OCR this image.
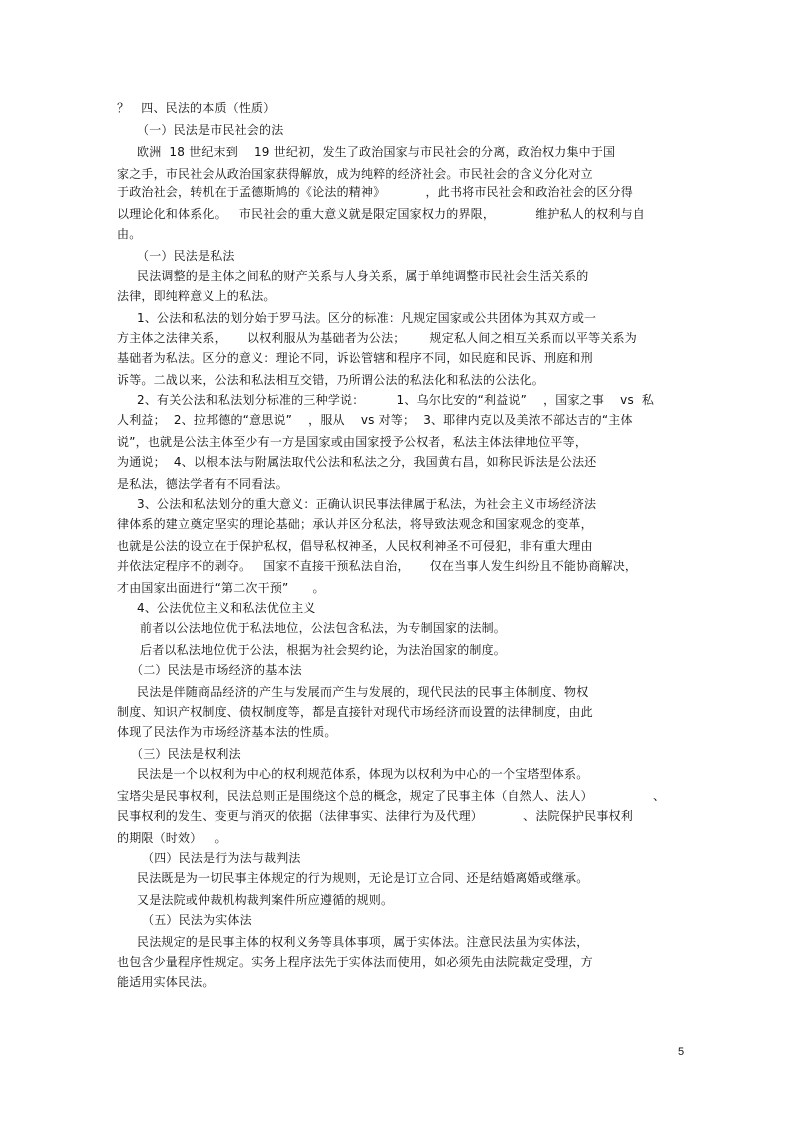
？   四、民法的本质（性质）
（一）民法是市民社会的法
欧洲  18 世纪末到    19 世纪初，发生了政治国家与市民社会的分离，政治权力集中于国
家之手，市民社会从政治国家获得解放，成为纯粹的经济社会。市民社会的含义分化对立
于政治社会，转机在于孟德斯鸠的《论法的精神》          ，此书将市民社会和政治社会的区分得
以理论化和体系化。   市民社会的重大意义就是限定国家权力的界限，          维护私人的权利与自
由。
（一）民法是私法
民法调整的是主体之间私的财产关系与人身关系，属于单纯调整市民社会生活关系的
法律，即纯粹意义上的私法。
1、公法和私法的划分始于罗马法。区分的标准：凡规定国家或公共团体为其双方或一
方主体之法律关系，     以权利服从为基础者为公法；      规定私人间之相互关系而以平等关系为
基础者为私法。区分的意义：理论不同，诉讼管辖和程序不同，如民庭和民诉、刑庭和刑
诉等。二战以来，公法和私法相互交错，乃所谓公法的私法化和私法的公法化。
2、有关公法和私法划分标准的三种学说：        1、乌尔比安的“利益说”    ，国家之事    vs  私
人利益；  2、拉邦德的“意思说”    ，服从    vs 对等；  3、耶律内克以及美浓不部达吉的“主体
说”，也就是公法主体至少有一方是国家或由国家授予公权者，私法主体法律地位平等，
为通说；  4、以根本法与附属法取代公法和私法之分，我国黄右昌，如称民诉法是公法还
是私法，德法学者有不同看法。
3、公法和私法划分的重大意义：正确认识民事法律属于私法，为社会主义市场经济法
律体系的建立奠定坚实的理论基础；承认并区分私法，将导致法观念和国家观念的变革，
也就是公法的设立在于保护私权，倡导私权神圣，人民权利神圣不可侵犯，非有重大理由
并依法定程序不的剥夺。   国家不直接干预私法自治，     仅在当事人发生纠纷且不能协商解决，
才由国家出面进行“第二次干预”      。
4、公法优位主义和私法优位主义
前者以公法地位优于私法地位，公法包含私法，为专制国家的法制。
后者以私法地位优于公法，根据为社会契约论，为法治国家的制度。
（二）民法是市场经济的基本法
民法是伴随商品经济的产生与发展而产生与发展的，现代民法的民事主体制度、物权
制度、知识产权制度、债权制度等，都是直接针对现代市场经济而设置的法律制度，由此
体现了民法作为市场经济基本法的性质。
（三）民法是权利法
民法是一个以权利为中心的权利规范体系，体现为以权利为中心的一个宝塔型体系。
宝塔尖是民事权利，民法总则正是围绕这个总的概念，规定了民事主体（自然人、法人）               、
民事权利的发生、变更与消灭的依据（法律事实、法律行为及代理）          、法院保护民事权利
的期限（时效）   。
（四）民法是行为法与裁判法
民法既是为一切民事主体规定的行为规则，无论是订立合同、还是结婚离婚或继承。
又是法院或仲裁机构裁判案件所应遵循的规则。
（五）民法为实体法
民法规定的是民事主体的权利义务等具体事项，属于实体法。注意民法虽为实体法，
也包含少量程序性规定。实务上程序法先于实体法而使用，如必须先由法院裁定受理，方
能适用实体民法。
5
